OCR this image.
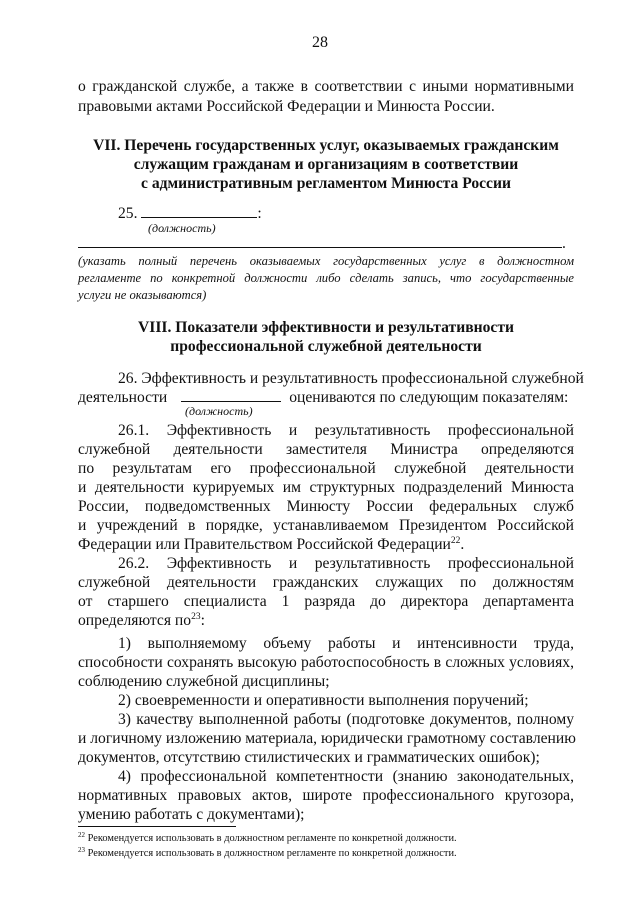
28
о гражданской службе, а также в соответствии с иными нормативными
правовыми актами Российской Федерации и Минюста России.
VII. Перечень государственных услуг, оказываемых гражданским
служащим гражданам и организациям в соответствии
с административным регламентом Минюста России
25.	:
(должность)
.
(указать полный перечень оказываемых государственных услуг в должностном
регламенте по конкретной должности либо сделать запись, что государственные
услуги не оказываются)
VIII. Показатели эффективности и результативности
профессиональной служебной деятельности
26. Эффективность и результативность профессиональной служебной
деятельности	оцениваются по следующим показателям:
(должность)
26.1. Эффективность и результативность профессиональной
служебной деятельности заместителя Министра определяются
по результатам его профессиональной служебной деятельности
и деятельности курируемых им структурных подразделений Минюста
России, подведомственных Минюсту России федеральных служб
и учреждений в порядке, устанавливаемом Президентом Российской
Федерации или Правительством Российской Федерации$^{22}$.
26.2. Эффективность и результативность профессиональной
служебной деятельности гражданских служащих по должностям
от старшего специалиста 1 разряда до директора департамента
определяются $по^{23}$:
1) выполняемому объему работы и интенсивности труда,
способности сохранять высокую работоспособность в сложных условиях,
соблюдению служебной дисциплины;
2) своевременности и оперативности выполнения поручений;
3) качеству выполненной работы (подготовке документов, полному
и логичному изложению материала, юридически грамотному составлению
документов, отсутствию стилистических и грамматических ошибок);
4) профессиональной компетентности (знанию законодательных,
нормативных правовых актов, широте профессионального кругозора,
умению работать с документами);
$^{22}$ Рекомендуется использовать в должностном регламенте по конкретной должности.
$^{23}$ Рекомендуется использовать в должностном регламенте по конкретной должности.
